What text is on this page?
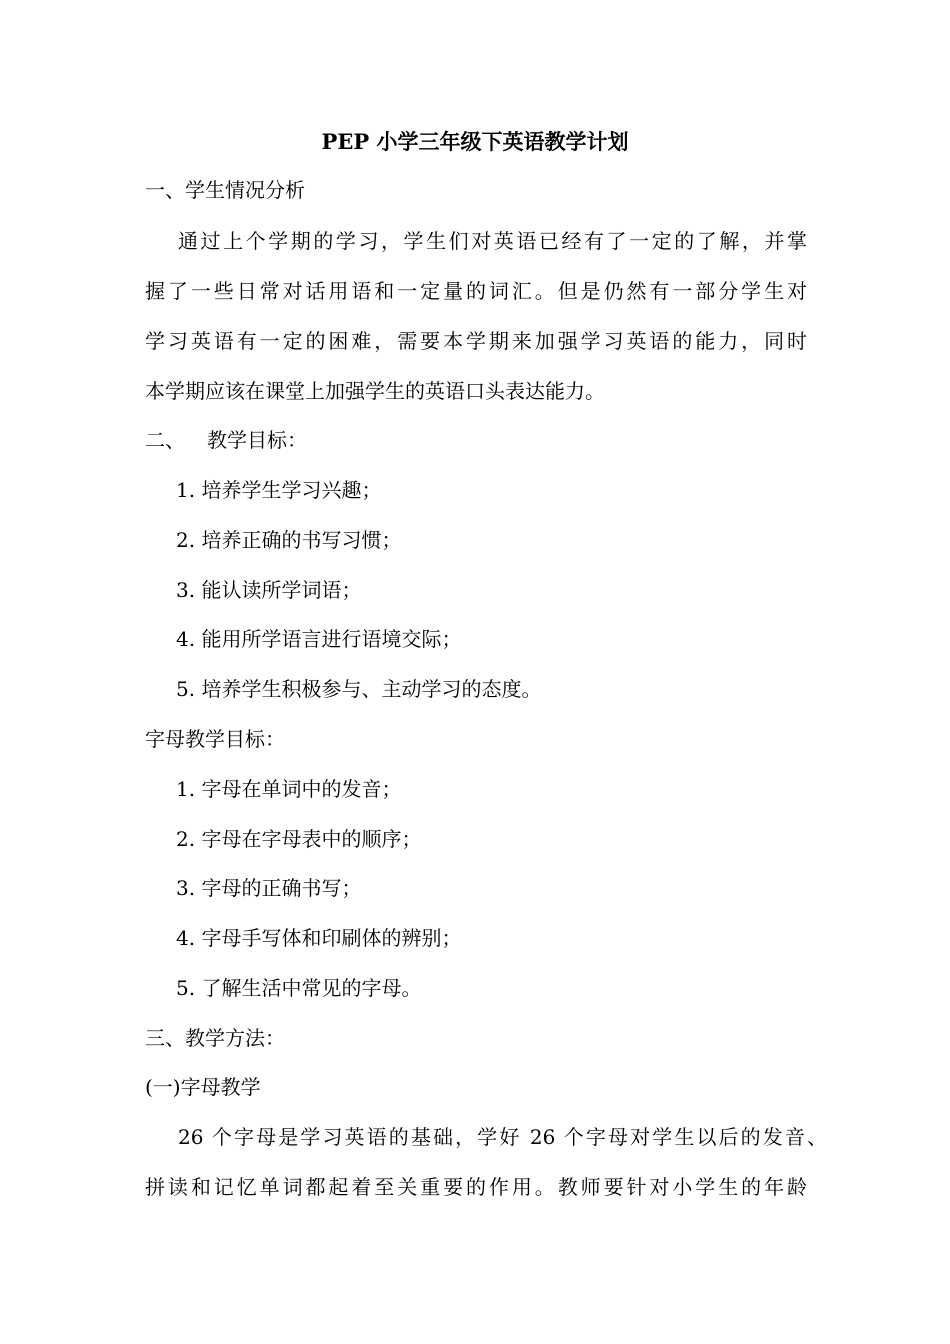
PEP 小学三年级下英语教学计划
一、学生情况分析
通过上个学期的学习，学生们对英语已经有了一定的了解，并掌
握了一些日常对话用语和一定量的词汇。但是仍然有一部分学生对
学习英语有一定的困难，需要本学期来加强学习英语的能力，同时
本学期应该在课堂上加强学生的英语口头表达能力。
二、 教学目标：
1. 培养学生学习兴趣；
2. 培养正确的书写习惯；
3. 能认读所学词语；
4. 能用所学语言进行语境交际；
5. 培养学生积极参与、主动学习的态度。
字母教学目标：
1. 字母在单词中的发音；
2. 字母在字母表中的顺序；
3. 字母的正确书写；
4. 字母手写体和印刷体的辨别；
5. 了解生活中常见的字母。
三、教学方法：
(一)字母教学
26 个字母是学习英语的基础，学好 26 个字母对学生以后的发音、
拼读和记忆单词都起着至关重要的作用。教师要针对小学生的年龄
